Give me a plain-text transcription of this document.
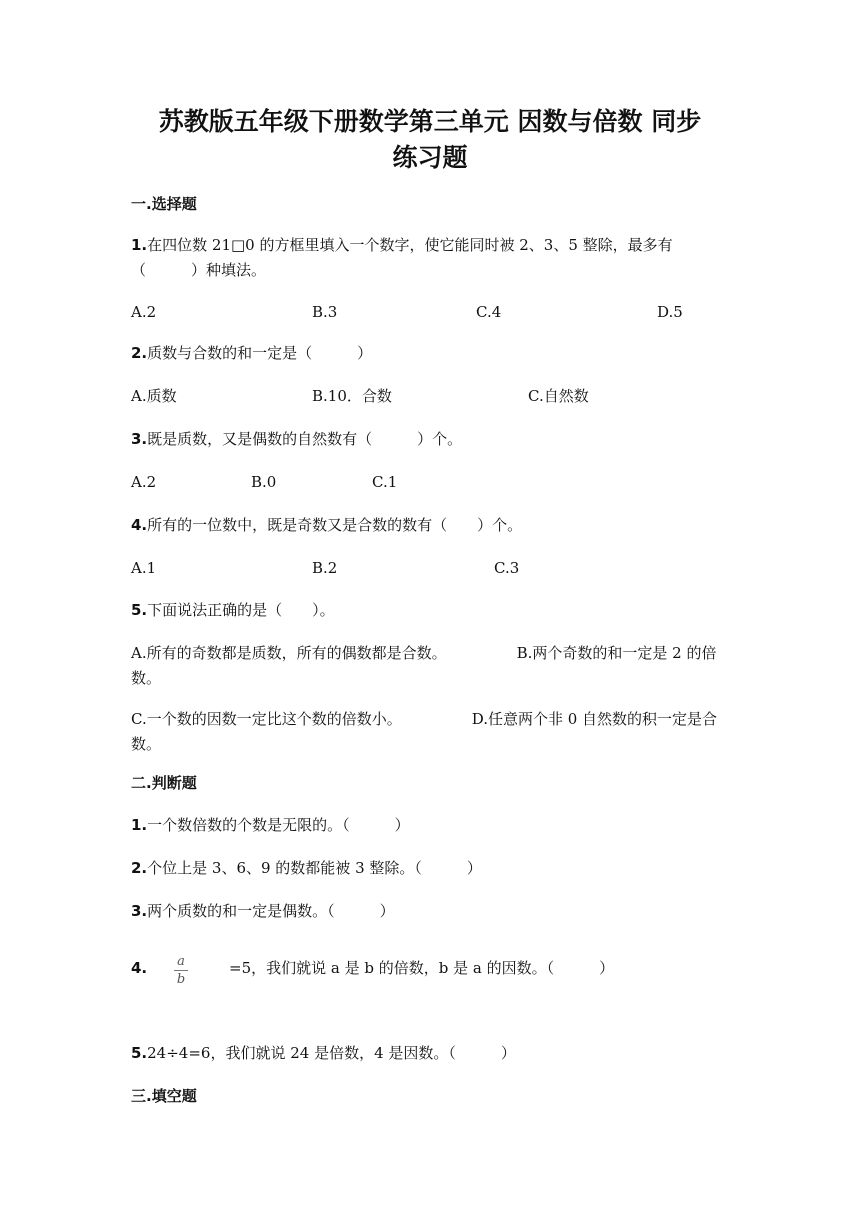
苏教版五年级下册数学第三单元 因数与倍数 同步
练习题
一.选择题
1.在四位数 21□0 的方框里填入一个数字，使它能同时被 2、3、5 整除，最多有（　　　）种填法。
A.2	B.3	C.4	D.5
2.质数与合数的和一定是（　　　）
A.质数	B.10．合数	C.自然数
3.既是质数，又是偶数的自然数有（　　　）个。
A.2	B.0	C.1
4.所有的一位数中，既是奇数又是合数的数有（　　）个。
A.1	B.2	C.3
5.下面说法正确的是（　　）。
A.所有的奇数都是质数，所有的偶数都是合数。	B.两个奇数的和一定是 2 的倍数。
C.一个数的因数一定比这个数的倍数小。	D.任意两个非 0 自然数的积一定是合数。
二.判断题
1.一个数倍数的个数是无限的。（　　　）
2.个位上是 3、6、9 的数都能被 3 整除。（　　　）
3.两个质数的和一定是偶数。（　　　）
4.	a
b
=5，我们就说 a 是 b 的倍数，b 是 a 的因数。（　　　）
5.24÷4=6，我们就说 24 是倍数，4 是因数。（　　　）
三.填空题
